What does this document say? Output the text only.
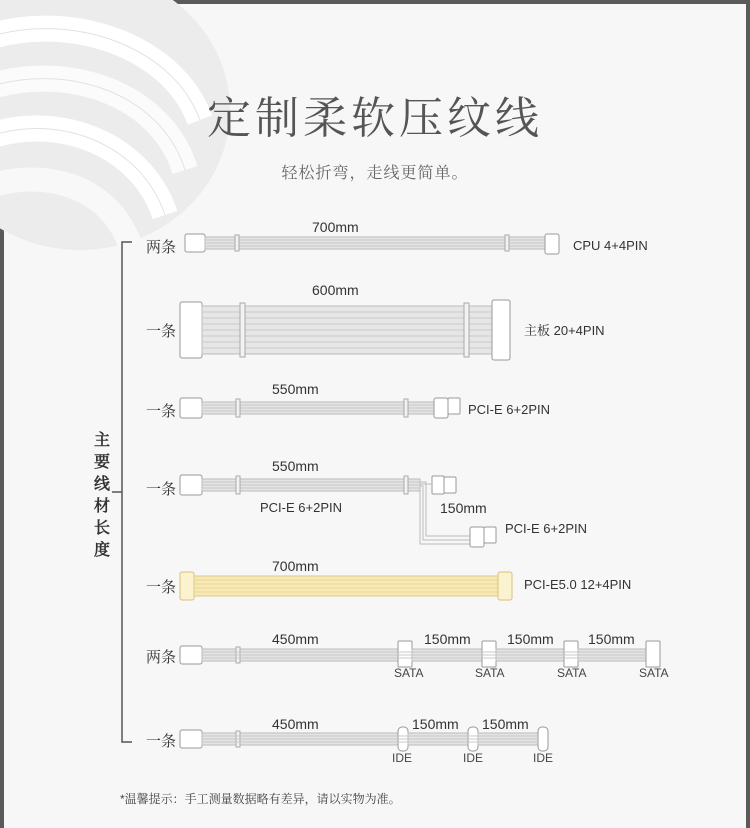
定制柔软压纹线
轻松折弯，走线更简单。
主要线材长度
两条
700mm
CPU 4+4PIN
一条
600mm
主板 20+4PIN
一条
550mm
PCI-E 6+2PIN
一条
550mm
PCI-E 6+2PIN	150mm
PCI-E 6+2PIN
一条
700mm
PCI-E5.0 12+4PIN
两条
450mm	150mm	150mm 150mm
SATA	SATA	SATA	SATA
一条
450mm	150mm 150mm
IDE	IDE	IDE
*温馨提示：手工测量数据略有差异，请以实物为准。
